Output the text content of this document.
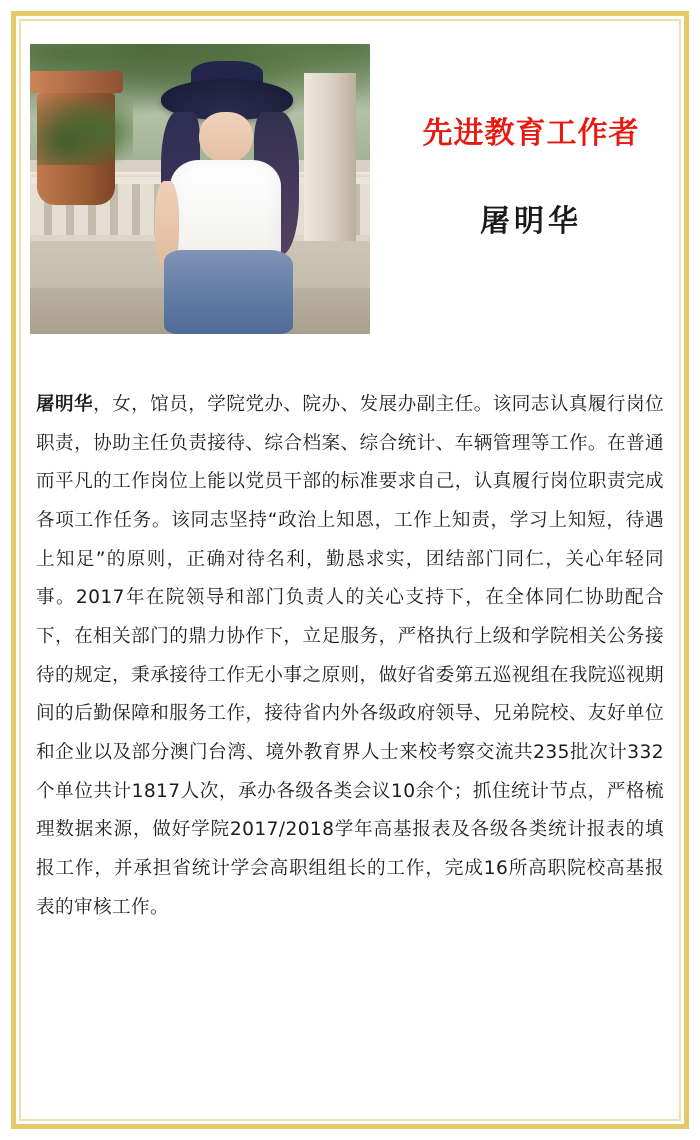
先进教育工作者
屠明华

屠明华，女，馆员，学院党办、院办、发展办副主任。该同志认真履行岗位职责，协助主任负责接待、综合档案、综合统计、车辆管理等工作。在普通而平凡的工作岗位上能以党员干部的标准要求自己，认真履行岗位职责完成各项工作任务。该同志坚持“政治上知恩，工作上知责，学习上知短，待遇上知足”的原则，正确对待名利，勤恳求实，团结部门同仁，关心年轻同事。2017年在院领导和部门负责人的关心支持下，在全体同仁协助配合下，在相关部门的鼎力协作下，立足服务，严格执行上级和学院相关公务接待的规定，秉承接待工作无小事之原则，做好省委第五巡视组在我院巡视期间的后勤保障和服务工作，接待省内外各级政府领导、兄弟院校、友好单位和企业以及部分澳门台湾、境外教育界人士来校考察交流共235批次计332个单位共计1817人次，承办各级各类会议10余个；抓住统计节点，严格梳理数据来源，做好学院2017/2018学年高基报表及各级各类统计报表的填报工作，并承担省统计学会高职组组长的工作，完成16所高职院校高基报表的审核工作。
